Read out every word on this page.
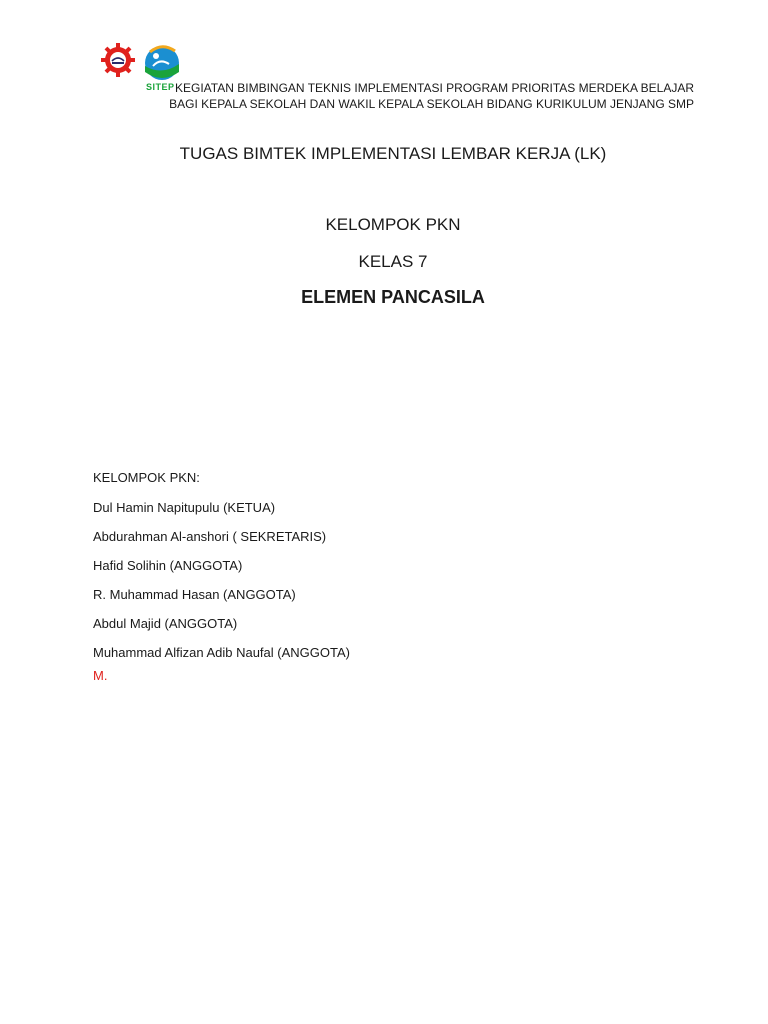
SITEP KEGIATAN BIMBINGAN TEKNIS IMPLEMENTASI PROGRAM PRIORITAS MERDEKA BELAJAR
BAGI KEPALA SEKOLAH DAN WAKIL KEPALA SEKOLAH BIDANG KURIKULUM JENJANG SMP
TUGAS BIMTEK IMPLEMENTASI LEMBAR KERJA (LK)
KELOMPOK PKN
KELAS 7
ELEMEN PANCASILA
KELOMPOK PKN:
Dul Hamin Napitupulu (KETUA)
Abdurahman Al-anshori ( SEKRETARIS)
Hafid Solihin (ANGGOTA)
R. Muhammad Hasan (ANGGOTA)
Abdul Majid (ANGGOTA)
Muhammad Alfizan Adib Naufal (ANGGOTA)
M.
